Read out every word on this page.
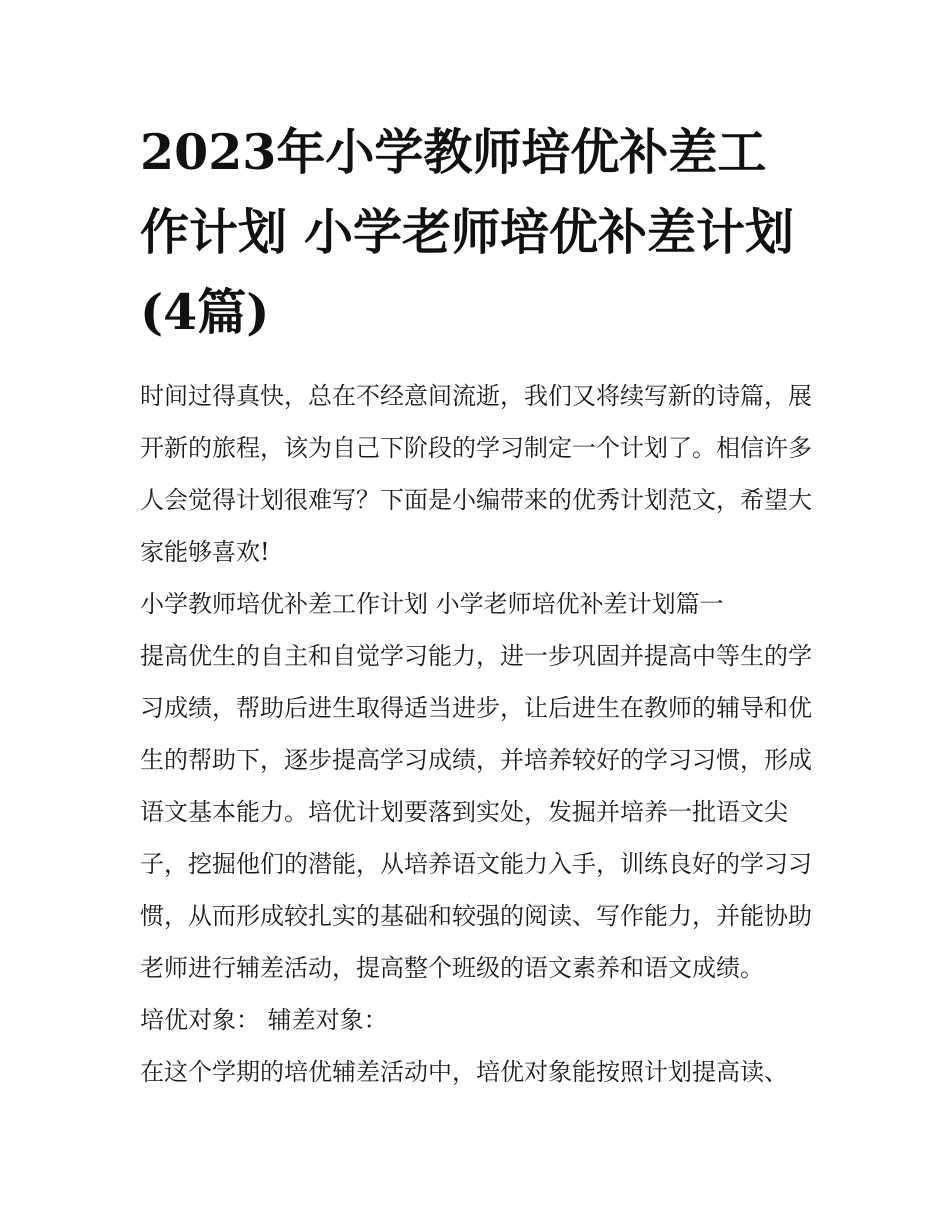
2023年小学教师培优补差工作计划 小学老师培优补差计划(4篇)

时间过得真快，总在不经意间流逝，我们又将续写新的诗篇，展开新的旅程，该为自己下阶段的学习制定一个计划了。相信许多人会觉得计划很难写？下面是小编带来的优秀计划范文，希望大家能够喜欢!

小学教师培优补差工作计划 小学老师培优补差计划篇一

提高优生的自主和自觉学习能力，进一步巩固并提高中等生的学习成绩，帮助后进生取得适当进步，让后进生在教师的辅导和优生的帮助下，逐步提高学习成绩，并培养较好的学习习惯，形成语文基本能力。培优计划要落到实处，发掘并培养一批语文尖子，挖掘他们的潜能，从培养语文能力入手，训练良好的学习习惯，从而形成较扎实的基础和较强的阅读、写作能力，并能协助老师进行辅差活动，提高整个班级的语文素养和语文成绩。

培优对象： 辅差对象：

在这个学期的培优辅差活动中，培优对象能按照计划提高读、
